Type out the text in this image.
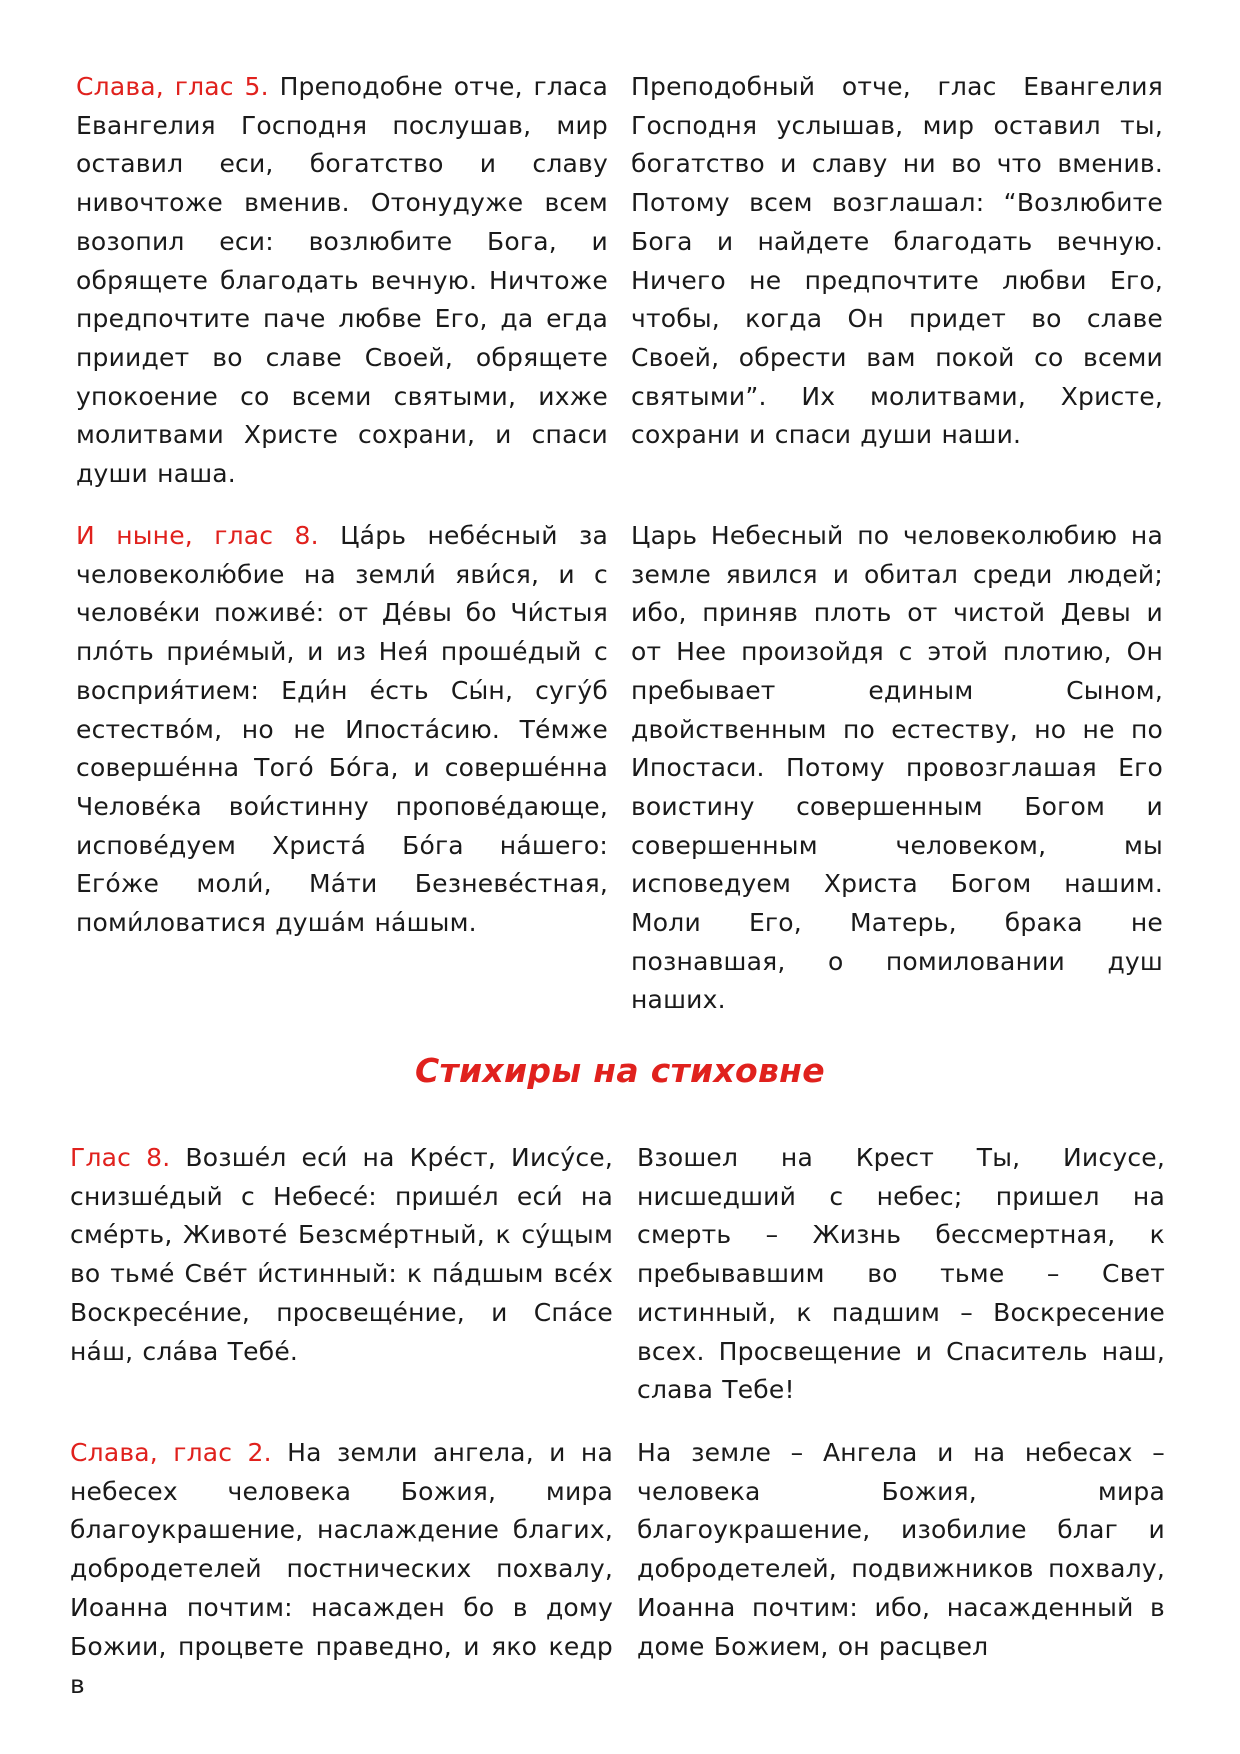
Слава, глас 5. Преподобне отче, гласа Евангелия Господня послушав, мир оставил еси, богатство и славу нивочтоже вменив. Отонудуже всем возопил еси: возлюбите Бога, и обрящете благодать вечную. Ничтоже предпочтите паче любве Его, да егда приидет во славе Своей, обрящете упокоение со всеми святыми, ихже молитвами Христе сохрани, и спаси души наша.
Преподобный отче, глас Евангелия Господня услышав, мир оставил ты, богатство и славу ни во что вменив. Потому всем возглашал: “Возлюбите Бога и найдете благодать вечную. Ничего не предпочтите любви Его, чтобы, когда Он придет во славе Своей, обрести вам покой со всеми святыми”. Их молитвами, Христе, сохрани и спаси души наши.
И ныне, глас 8. Ца́рь небе́сный за человеколю́бие на земли́ яви́ся, и с челове́ки поживе́: от Де́вы бо Чи́стыя пло́ть прие́мый, и из Нея́ проше́дый с восприя́тием: Еди́н е́сть Сы́н, сугу́б естество́м, но не Ипоста́сию. Те́мже соверше́нна Того́ Бо́га, и соверше́нна Челове́ка вои́стинну пропове́дающе, испове́дуем Христа́ Бо́га на́шего: Его́же моли́, Ма́ти Безневе́стная, поми́ловатися душа́м на́шым.
Царь Небесный по человеколюбию на земле явился и обитал среди людей; ибо, приняв плоть от чистой Девы и от Нее произойдя с этой плотию, Он пребывает единым Сыном, двойственным по естеству, но не по Ипостаси. Потому провозглашая Его воистину совершенным Богом и совершенным человеком, мы исповедуем Христа Богом нашим. Моли Его, Матерь, брака не познавшая, о помиловании душ наших.
Стихиры на стиховне
Глас 8. Возше́л еси́ на Кре́ст, Иису́се, снизше́дый с Небесе́: прише́л еси́ на сме́рть, Животе́ Безсме́ртный, к су́щым во тьме́ Све́т и́стинный: к па́дшым все́х Воскресе́ние, просвеще́ние, и Спа́се на́ш, сла́ва Тебе́.
Взошел на Крест Ты, Иисусе, нисшедший с небес; пришел на смерть – Жизнь бессмертная, к пребывавшим во тьме – Свет истинный, к падшим – Воскресение всех. Просвещение и Спаситель наш, слава Тебе!
Слава, глас 2. На земли ангела, и на небесех человека Божия, мира благоукрашение, наслаждение благих, добродетелей постнических похвалу, Иоанна почтим: насажден бо в дому Божии, процвете праведно, и яко кедр в
На земле – Ангела и на небесах – человека Божия, мира благоукрашение, изобилие благ и добродетелей, подвижников похвалу, Иоанна почтим: ибо, насажденный в доме Божием, он расцвел
